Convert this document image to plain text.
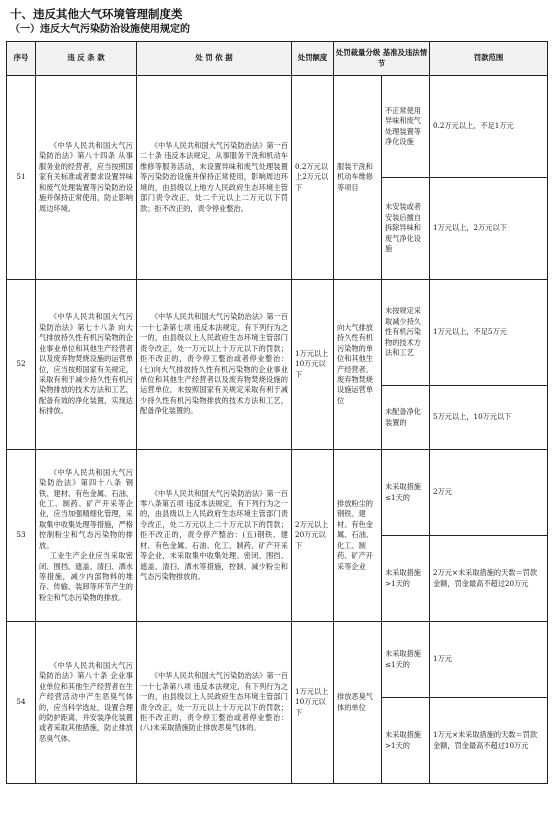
十、违反其他大气环境管理制度类
（一）违反大气污染防治设施使用规定的
序号	违 反 条 款	处 罚 依 据	处罚额度	处罚裁量分级 基准及违法情节		罚款范围
51	《中华人民共和国大气污染防治法》第八十四条 从事服务业的经营者，应当按照国家有关标准或者要求设置异味和废气处理装置等污染防治设施并保持正常使用，防止影响周边环境。	《中华人民共和国大气污染防治法》第一百二十条 违反本法规定，从事服务干洗和机动车维修等服务活动，未设置异味和废气处理装置等污染防治设施并保持正常使用，影响周边环境的，由县级以上地方人民政府生态环境主管部门责令改正，处二千元以上二万元以下罚款；拒不改正的，责令停业整治。	0.2万元以上2万元以下	服装干洗和机动车维修等项目	不正常使用异味和废气处理装置等净化设施	0.2万元以上，不足1万元
					未安装或者安装后擅自拆除异味和废气净化设施	1万元以上，2万元以下
52	《中华人民共和国大气污染防治法》第七十八条 向大气排放持久性有机污染物的企业事业单位和其他生产经营者以及废弃物焚烧设施的运营单位，应当按照国家有关规定，采取有利于减少持久性有机污染物排放的技术方法和工艺，配备有效的净化装置，实现达标排放。	《中华人民共和国大气污染防治法》第一百一十七条第七项 违反本法规定，有下列行为之一的，由县级以上人民政府生态环境主管部门责令改正，处一万元以上十万元以下的罚款；拒不改正的，责令停工整治或者停业整治：(七)向大气排放持久性有机污染物的企业事业单位和其他生产经营者以及废弃物焚烧设施的运营单位，未按照国家有关规定采取有利于减少持久性有机污染物排放的技术方法和工艺，配备净化装置的。	1万元以上10万元以下	向大气排放持久性有机污染物的单位和其他生产经营者、废弃物焚烧设施运营单位	未按规定采取减少持久性有机污染物的技术方法和工艺	1万元以上，不足5万元
					未配备净化装置的	5万元以上，10万元以下
53	《中华人民共和国大气污染防治法》第四十八条 钢铁、建材、有色金属、石油、化工、制药、矿产开采等企业，应当加强精细化管理，采取集中收集处理等措施，严格控制粉尘和气态污染物的排放。

工业生产企业应当采取密闭、围挡、遮盖、清扫、洒水等措施，减少内部物料的堆存、传输、装卸等环节产生的粉尘和气态污染物的排放。	《中华人民共和国大气污染防治法》第一百零八条第五项 违反本法规定，有下列行为之一的，由县级以上人民政府生态环境主管部门责令改正，处二万元以上二十万元以下的罚款；拒不改正的，责令停产整治：(五)钢铁、建材、有色金属、石油、化工、制药、矿产开采等企业，未采取集中收集处理、密闭、围挡、遮盖、清扫、洒水等措施，控制、减少粉尘和气态污染物排放的。	2万元以上20万元以下	排放粉尘的钢铁、建材、有色金属、石油、化工、制药、矿产开采等企业	未采取措施≤1天的	2万元
					未采取措施>1天的	2万元×未采取措施的天数＝罚款金额，罚金最高不超过20万元
54	《中华人民共和国大气污染防治法》第八十条 企业事业单位和其他生产经营者在生产经营活动中产生恶臭气体的，应当科学选址，设置合理的防护距离，并安装净化装置或者采取其他措施，防止排放恶臭气体。	《中华人民共和国大气污染防治法》第一百一十七条第八项 违反本法规定，有下列行为之一的，由县级以上人民政府生态环境主管部门责令改正，处一万元以上十万元以下的罚款；拒不改正的，责令停工整治或者停业整治：(八)未采取措施防止排放恶臭气体的。	1万元以上10万元以下	排放恶臭气体的单位	未采取措施≤1天的	1万元
					未采取措施>1天的	1万元×未采取措施的天数＝罚款金额，罚金最高不超过10万元
